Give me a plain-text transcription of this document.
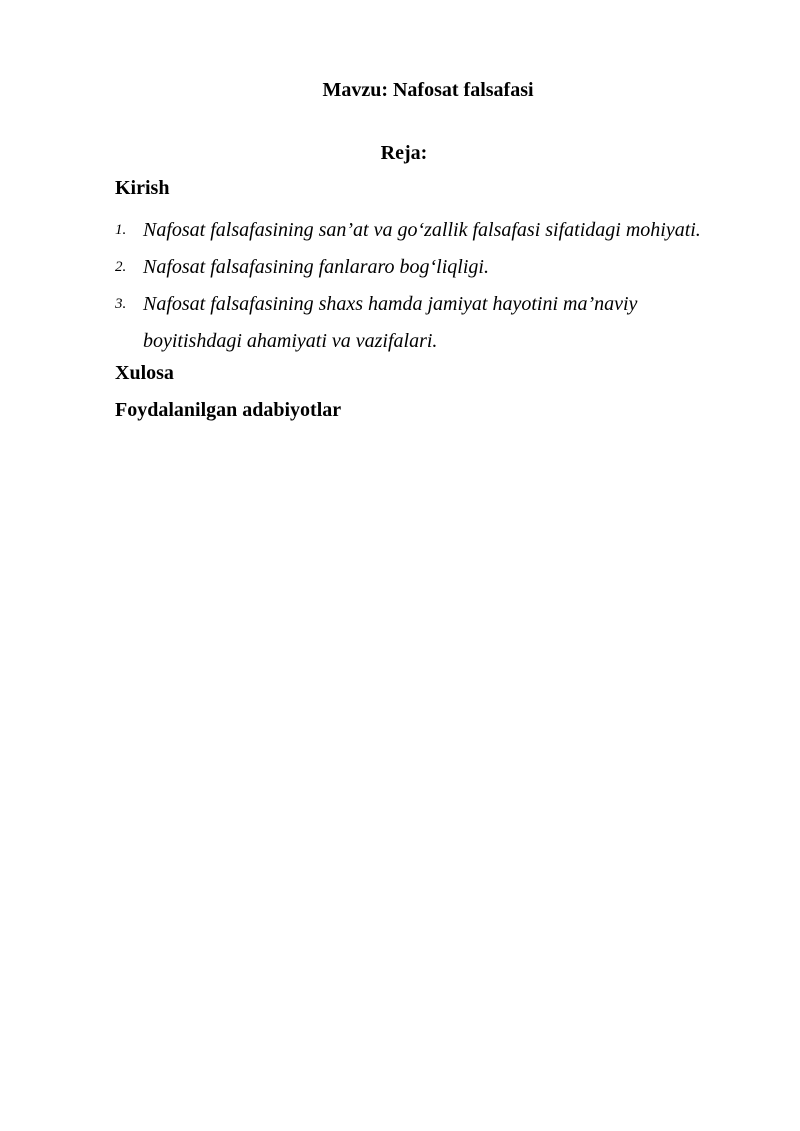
Mavzu: Nafosat falsafasi
Reja:
Kirish
1. Nafosat falsafasining san’at va go‘zallik falsafasi sifatidagi mohiyati.
2. Nafosat falsafasining fanlararo bog‘liqligi.
3. Nafosat falsafasining shaxs hamda jamiyat hayotini ma’naviy
boyitishdagi ahamiyati va vazifalari.
Xulosa
Foydalanilgan adabiyotlar
